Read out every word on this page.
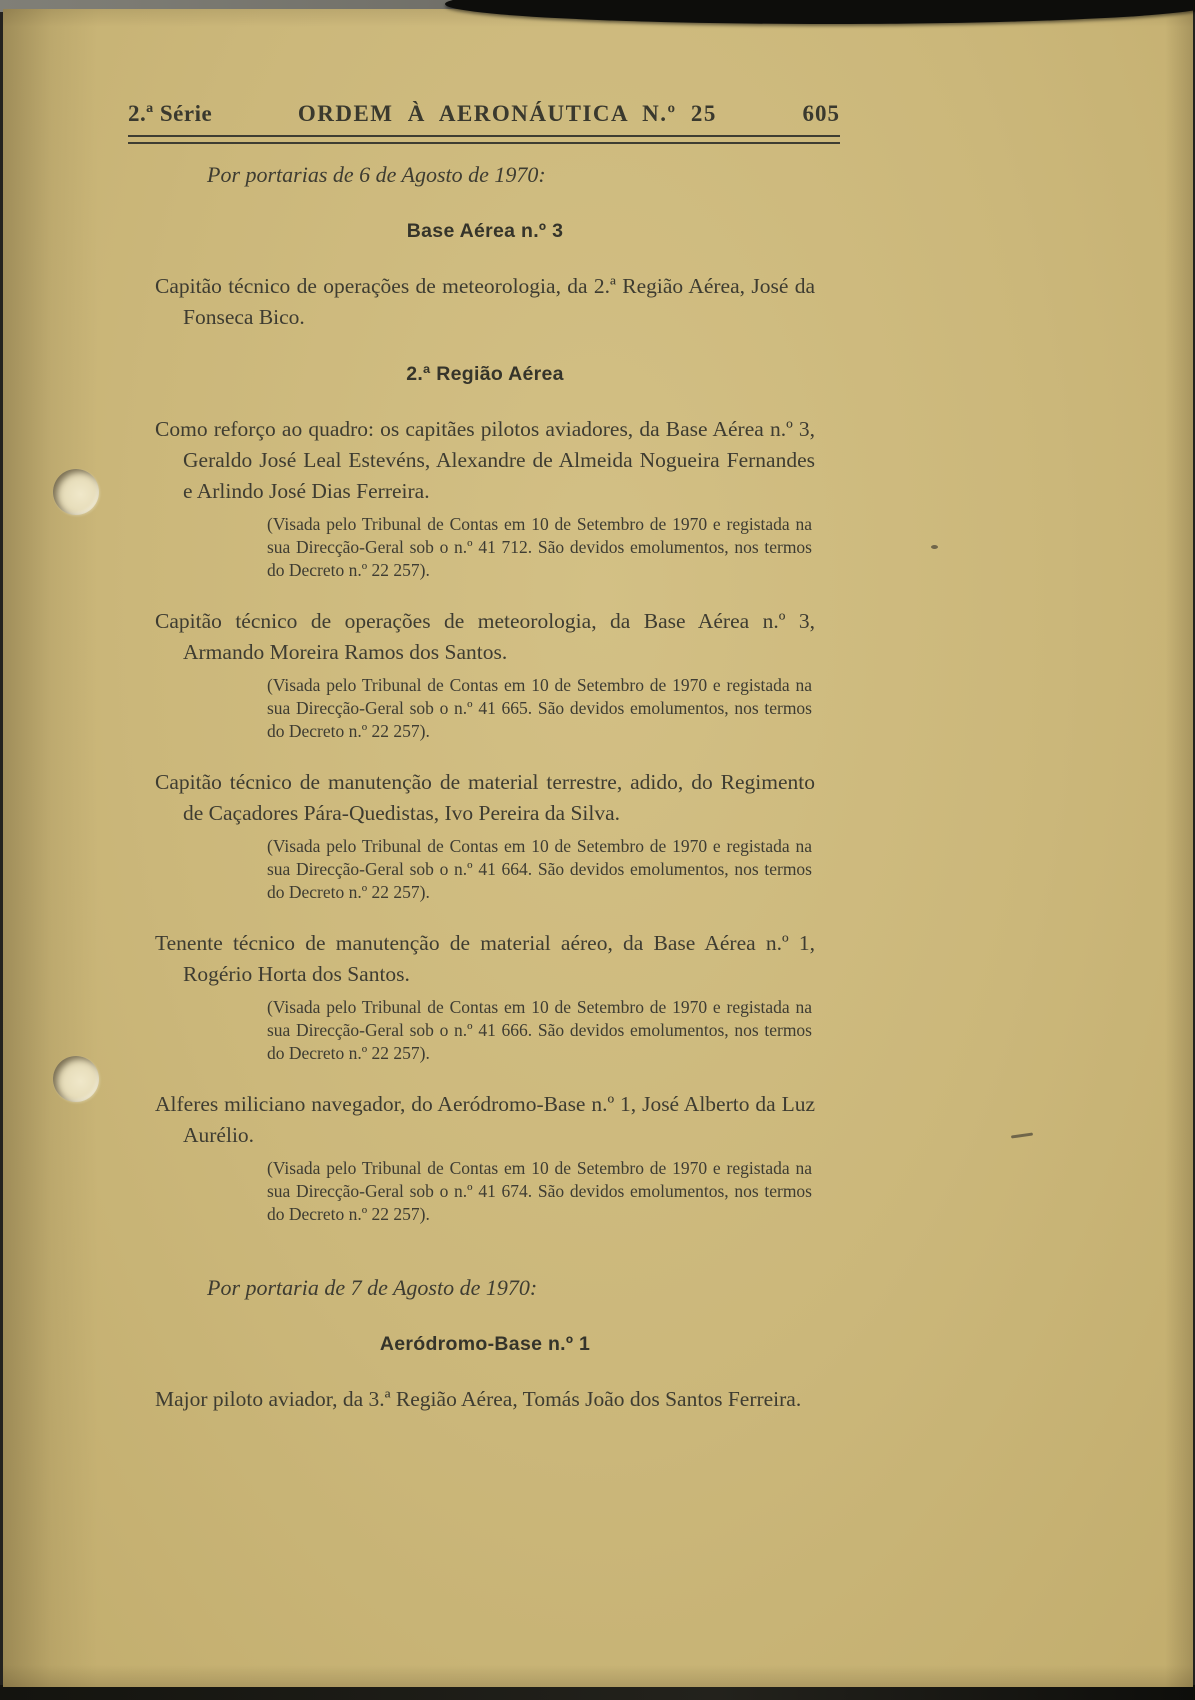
2.ª Série	ORDEM À AERONÁUTICA N.º 25	605

Por portarias de 6 de Agosto de 1970:

Base Aérea n.º 3

Capitão técnico de operações de meteorologia, da 2.ª Região Aérea, José da Fonseca Bico.

2.ª Região Aérea

Como reforço ao quadro: os capitães pilotos aviadores, da Base Aérea n.º 3, Geraldo José Leal Estevéns, Alexandre de Almeida Nogueira Fernandes e Arlindo José Dias Ferreira.

(Visada pelo Tribunal de Contas em 10 de Setembro de 1970 e registada na sua Direcção-Geral sob o n.º 41 712. São devidos emolumentos, nos termos do Decreto n.º 22 257).

Capitão técnico de operações de meteorologia, da Base Aérea n.º 3, Armando Moreira Ramos dos Santos.

(Visada pelo Tribunal de Contas em 10 de Setembro de 1970 e registada na sua Direcção-Geral sob o n.º 41 665. São devidos emolumentos, nos termos do Decreto n.º 22 257).

Capitão técnico de manutenção de material terrestre, adido, do Regimento de Caçadores Pára-Quedistas, Ivo Pereira da Silva.

(Visada pelo Tribunal de Contas em 10 de Setembro de 1970 e registada na sua Direcção-Geral sob o n.º 41 664. São devidos emolumentos, nos termos do Decreto n.º 22 257).

Tenente técnico de manutenção de material aéreo, da Base Aérea n.º 1, Rogério Horta dos Santos.

(Visada pelo Tribunal de Contas em 10 de Setembro de 1970 e registada na sua Direcção-Geral sob o n.º 41 666. São devidos emolumentos, nos termos do Decreto n.º 22 257).

Alferes miliciano navegador, do Aeródromo-Base n.º 1, José Alberto da Luz Aurélio.

(Visada pelo Tribunal de Contas em 10 de Setembro de 1970 e registada na sua Direcção-Geral sob o n.º 41 674. São devidos emolumentos, nos termos do Decreto n.º 22 257).

Por portaria de 7 de Agosto de 1970:

Aeródromo-Base n.º 1

Major piloto aviador, da 3.ª Região Aérea, Tomás João dos Santos Ferreira.
